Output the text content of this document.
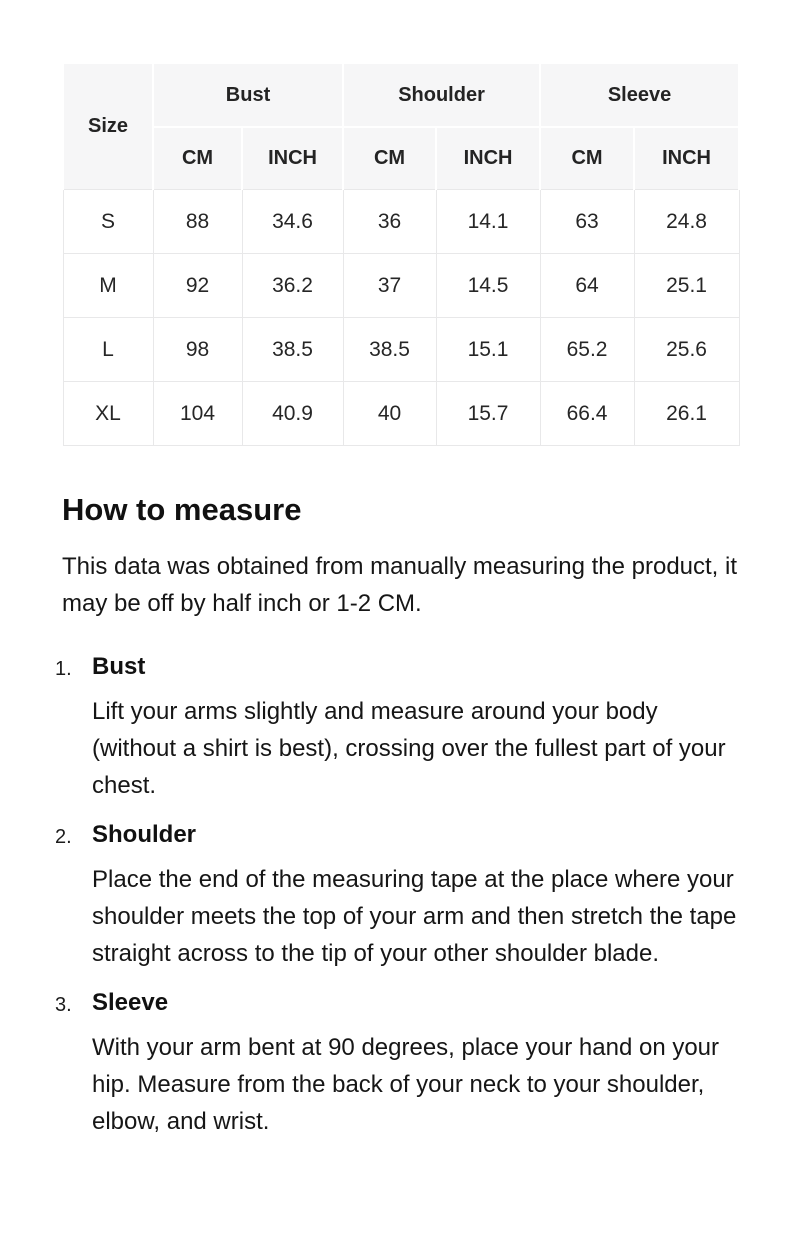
Size	Bust		Shoulder		Sleeve	
	CM	INCH	CM	INCH	CM	INCH
S	88	34.6	36	14.1	63	24.8
M	92	36.2	37	14.5	64	25.1
L	98	38.5	38.5	15.1	65.2	25.6
XL	104	40.9	40	15.7	66.4	26.1
How to measure

This data was obtained from manually measuring the product, it may be off by half inch or 1-2 CM.

1. Bust

Lift your arms slightly and measure around your body (without a shirt is best), crossing over the fullest part of your chest.

2. Shoulder

Place the end of the measuring tape at the place where your shoulder meets the top of your arm and then stretch the tape straight across to the tip of your other shoulder blade.

3. Sleeve

With your arm bent at 90 degrees, place your hand on your hip. Measure from the back of your neck to your shoulder, elbow, and wrist.
